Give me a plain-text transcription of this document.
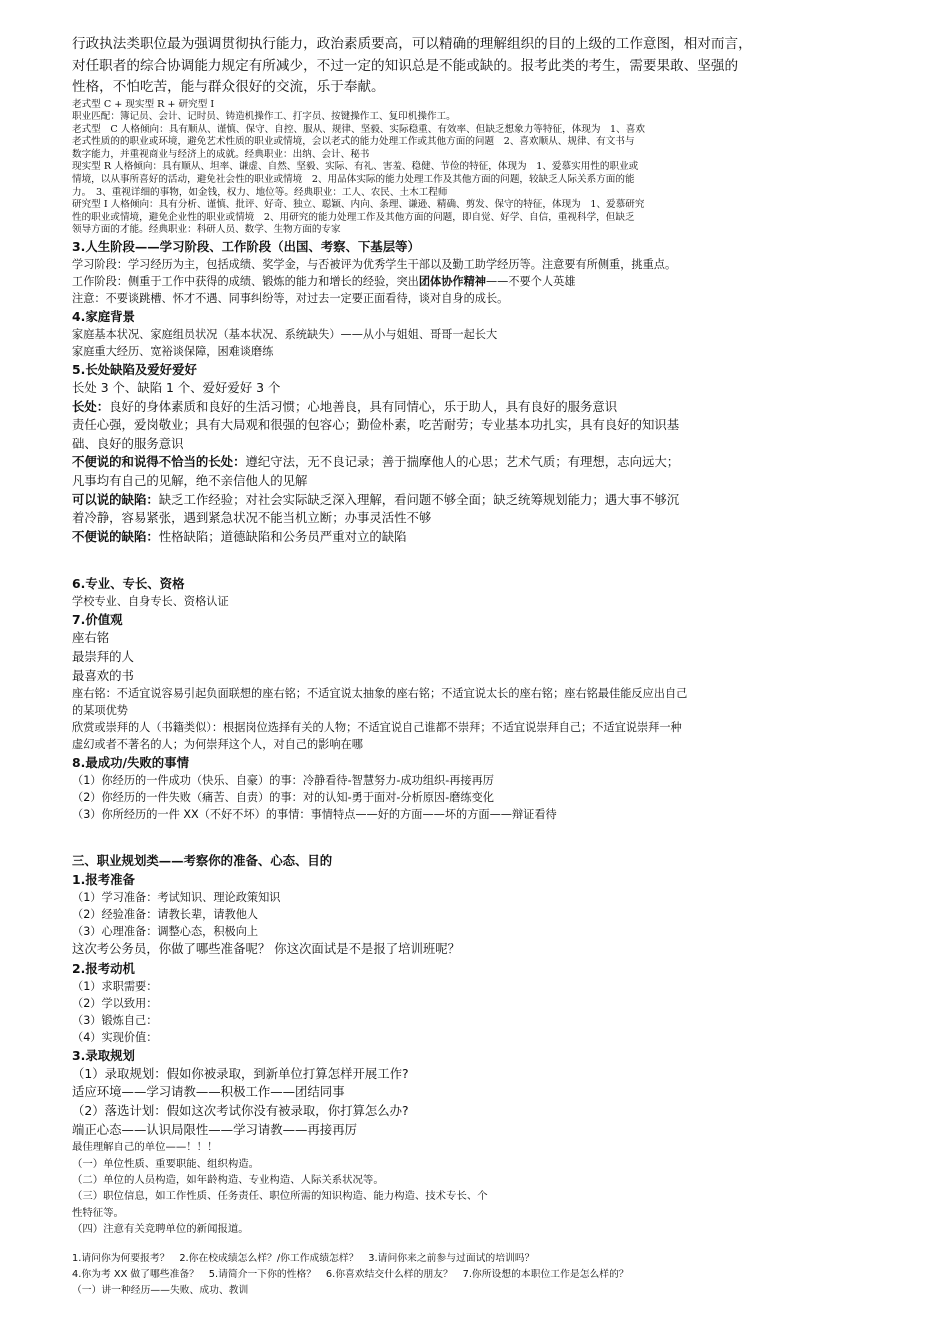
行政执法类职位最为强调贯彻执行能力，政治素质要高，可以精确的理解组织的目的上级的工作意图，相对而言，
对任职者的综合协调能力规定有所减少，不过一定的知识总是不能或缺的。报考此类的考生，需要果敢、坚强的
性格，不怕吃苦，能与群众很好的交流，乐于奉献。
老式型 C + 现实型 R + 研究型 I
职业匹配：簿记员、会计、记时员、铸造机操作工、打字员、按键操作工、复印机操作工。
老式型　C 人格倾向：具有顺从、谨慎、保守、自控、服从、规律、坚毅、实际稳重、有效率、但缺乏想象力等特征，体现为　1、喜欢
老式性质的的职业或环境，避免艺术性质的职业或情境，会以老式的能力处理工作或其他方面的问题　2、喜欢顺从、规律、有文书与
数字能力，并重视商业与经济上的成就。经典职业：出纳、会计、秘书
现实型 R 人格倾向：具有顺从、坦率、谦虚、自然、坚毅、实际、有礼、害羞、稳健、节俭的特征，体现为　1、爱慕实用性的职业或
情境，以从事所喜好的活动，避免社会性的职业或情境　2、用品体实际的能力处理工作及其他方面的问题，较缺乏人际关系方面的能
力。　3、重视详细的事物，如金钱，权力、地位等。经典职业：工人、农民、土木工程师
研究型 I 人格倾向：具有分析、谨慎、批评、好奇、独立、聪颖、内向、条理、谦逊、精确、剪发、保守的特征，体现为　1、爱慕研究
性的职业或情境，避免企业性的职业或情境　2、用研究的能力处理工作及其他方面的问题，即自觉、好学、自信，重视科学，但缺乏
领导方面的才能。经典职业：科研人员、数学、生物方面的专家
3.人生阶段——学习阶段、工作阶段（出国、考察、下基层等）
学习阶段：学习经历为主，包括成绩、奖学金，与否被评为优秀学生干部以及勤工助学经历等。注意要有所侧重，挑重点。
工作阶段：侧重于工作中获得的成绩、锻炼的能力和增长的经验，突出团体协作精神——不要个人英雄
注意：不要谈跳槽、怀才不遇、同事纠纷等，对过去一定要正面看待，谈对自身的成长。
4.家庭背景
家庭基本状况、家庭组员状况（基本状况、系统缺失）——从小与姐姐、哥哥一起长大
家庭重大经历、宽裕谈保障，困难谈磨练
5.长处缺陷及爱好爱好
长处 3 个、缺陷 1 个、爱好爱好 3 个
长处：良好的身体素质和良好的生活习惯；心地善良，具有同情心，乐于助人，具有良好的服务意识
责任心强，爱岗敬业；具有大局观和很强的包容心；勤俭朴素，吃苦耐劳；专业基本功扎实，具有良好的知识基
础、良好的服务意识
不便说的和说得不恰当的长处：遵纪守法，无不良记录；善于揣摩他人的心思；艺术气质；有理想，志向远大；
凡事均有自己的见解，绝不亲信他人的见解
可以说的缺陷：缺乏工作经验；对社会实际缺乏深入理解，看问题不够全面；缺乏统筹规划能力；遇大事不够沉
着冷静，容易紧张，遇到紧急状况不能当机立断；办事灵活性不够
不便说的缺陷：性格缺陷；道德缺陷和公务员严重对立的缺陷
6.专业、专长、资格
学校专业、自身专长、资格认证
7.价值观
座右铭
最崇拜的人
最喜欢的书
座右铭：不适宜说容易引起负面联想的座右铭；不适宜说太抽象的座右铭；不适宜说太长的座右铭；座右铭最佳能反应出自己
的某项优势
欣赏或崇拜的人（书籍类似）：根据岗位选择有关的人物；不适宜说自己谁都不崇拜；不适宜说崇拜自己；不适宜说崇拜一种
虚幻或者不著名的人；为何崇拜这个人，对自己的影响在哪
8.最成功/失败的事情
（1）你经历的一件成功（快乐、自豪）的事：冷静看待-智慧努力-成功组织-再接再厉
（2）你经历的一件失败（痛苦、自责）的事：对的认知-勇于面对-分析原因-磨练变化
（3）你所经历的一件 XX（不好不坏）的事情：事情特点——好的方面——坏的方面——辩证看待
三、职业规划类——考察你的准备、心态、目的
1.报考准备
（1）学习准备：考试知识、理论政策知识
（2）经验准备：请教长辈，请教他人
（3）心理准备：调整心态，积极向上
这次考公务员，你做了哪些准备呢？ 你这次面试是不是报了培训班呢？
2.报考动机
（1）求职需要：
（2）学以致用：
（3）锻炼自己：
（4）实现价值：
3.录取规划
（1）录取规划：假如你被录取，到新单位打算怎样开展工作?
适应环境——学习请教——积极工作——团结同事
（2）落选计划：假如这次考试你没有被录取，你打算怎么办?
端正心态——认识局限性——学习请教——再接再厉
最佳理解自己的单位——！！！
（一）单位性质、重要职能、组织构造。
（二）单位的人员构造，如年龄构造、专业构造、人际关系状况等。
（三）职位信息，如工作性质、任务责任、职位所需的知识构造、能力构造、技术专长、个
性特征等。
（四）注意有关竞聘单位的新闻报道。
1.请问你为何要报考？　2.你在校成绩怎么样？/你工作成绩怎样？　3.请问你来之前参与过面试的培训吗？
4.你为考 XX 做了哪些准备？　5.请简介一下你的性格？　6.你喜欢结交什么样的朋友？　7.你所设想的本职位工作是怎么样的？
（一）讲一种经历——失败、成功、教训
